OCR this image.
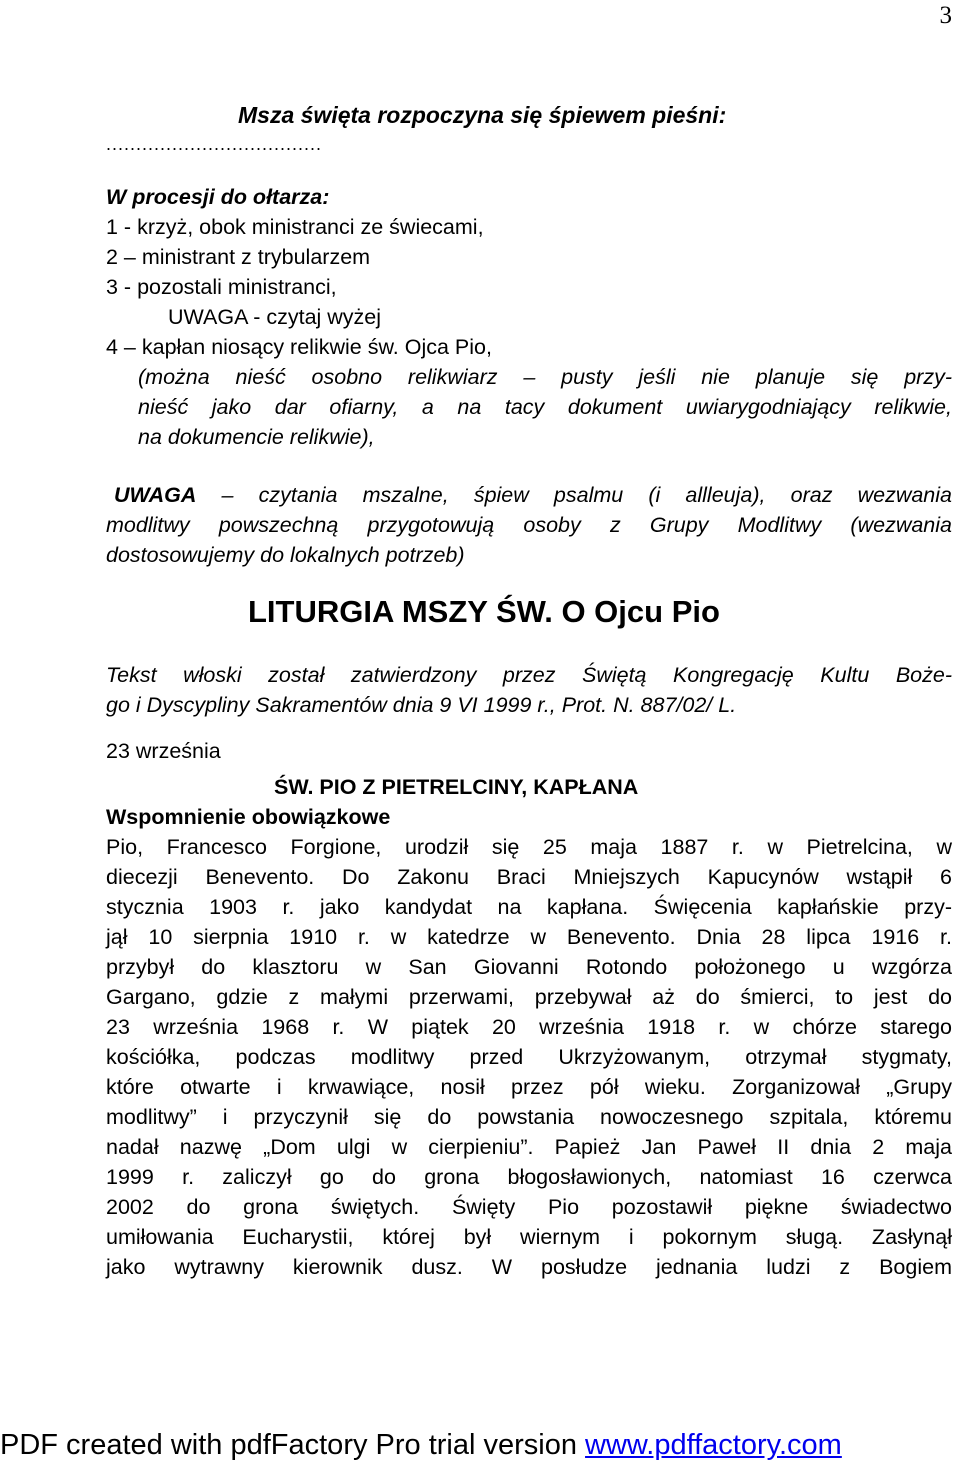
3

Msza święta rozpoczyna się śpiewem pieśni:

....................................

W procesji do ołtarza:

1 - krzyż, obok ministranci ze świecami,

2 – ministrant z trybularzem

3 - pozostali ministranci,

UWAGA - czytaj wyżej

4 – kapłan niosący relikwie św. Ojca Pio,

(można nieść osobno relikwiarz – pusty jeśli nie planuje się przy-

nieść jako dar ofiarny, a na tacy dokument uwiarygodniający relikwie,

na dokumencie relikwie),

UWAGA – czytania mszalne, śpiew psalmu (i allleuja), oraz wezwania

modlitwy powszechną przygotowują osoby z Grupy Modlitwy (wezwania

dostosowujemy do lokalnych potrzeb)

LITURGIA MSZY ŚW. O Ojcu Pio

Tekst włoski został zatwierdzony przez Świętą Kongregację Kultu Boże-

go i Dyscypliny Sakramentów dnia 9 VI 1999 r., Prot. N. 887/02/ L.

23 września

ŚW. PIO Z PIETRELCINY, KAPŁANA

Wspomnienie obowiązkowe

Pio, Francesco Forgione, urodził się 25 maja 1887 r. w Pietrelcina, w

diecezji Benevento. Do Zakonu Braci Mniejszych Kapucynów wstąpił 6

stycznia 1903 r. jako kandydat na kapłana. Święcenia kapłańskie przy-

jął 10 sierpnia 1910 r. w katedrze w Benevento. Dnia 28 lipca 1916 r.

przybył do klasztoru w San Giovanni Rotondo położonego u wzgórza

Gargano, gdzie z małymi przerwami, przebywał aż do śmierci, to jest do

23 września 1968 r. W piątek 20 września 1918 r. w chórze starego

kościółka, podczas modlitwy przed Ukrzyżowanym, otrzymał stygmaty,

które otwarte i krwawiące, nosił przez pół wieku. Zorganizował „Grupy

modlitwy” i przyczynił się do powstania nowoczesnego szpitala, któremu

nadał nazwę „Dom ulgi w cierpieniu”. Papież Jan Paweł II dnia 2 maja

1999 r. zaliczył go do grona błogosławionych, natomiast 16 czerwca

2002 do grona świętych. Święty Pio pozostawił piękne świadectwo

umiłowania Eucharystii, której był wiernym i pokornym sługą. Zasłynął

jako wytrawny kierownik dusz. W posłudze jednania ludzi z Bogiem

PDF created with pdfFactory Pro trial version www.pdffactory.com
